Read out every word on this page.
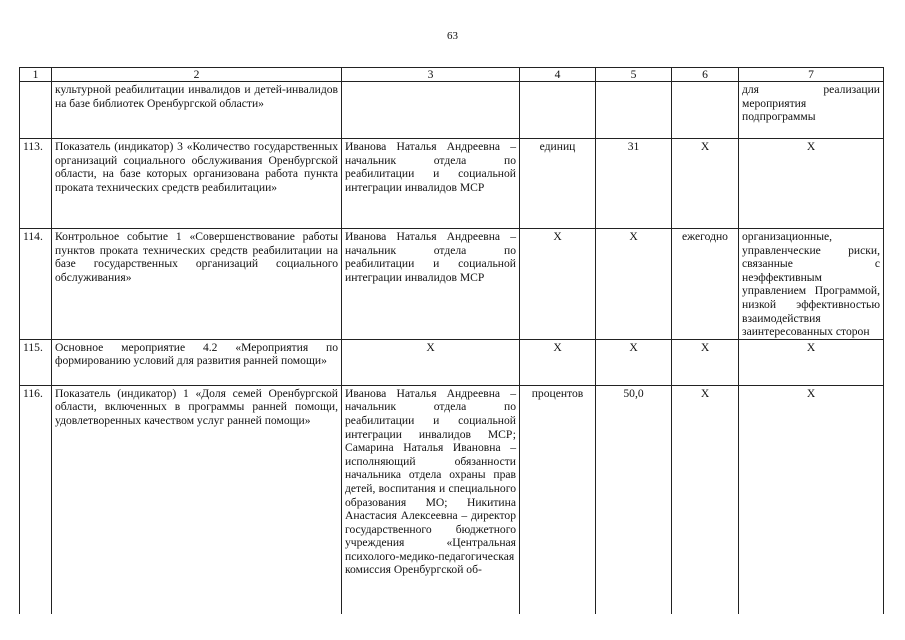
63
1	2	3	4	5	6	7
	культурной реабилитации инвалидов и детей-инвалидов на базе библиотек Оренбургской области»					для реализации мероприятия подпрограммы
113.	Показатель (индикатор) 3 «Количество государственных организаций социального обслуживания Оренбургской области, на базе которых организована работа пункта проката технических средств реабилитации»	Иванова Наталья Андреевна – начальник отдела по реабилитации и социальной интеграции инвалидов МСР	единиц	31	Х	Х
114.	Контрольное событие 1 «Совершенствование работы пунктов проката технических средств реабилитации на базе государственных организаций социального обслуживания»	Иванова Наталья Андреевна – начальник отдела по реабилитации и социальной интеграции инвалидов МСР	Х	Х	ежегодно	организационные, управленческие риски, связанные с неэффективным управлением Программой, низкой эффективностью взаимодействия заинтересованных сторон
115.	Основное мероприятие 4.2 «Мероприятия по формированию условий для развития ранней помощи»	Х	Х	Х	Х	Х
116.	Показатель (индикатор) 1 «Доля семей Оренбургской области, включенных в программы ранней помощи, удовлетворенных качеством услуг ранней помощи»	Иванова Наталья Андреевна – начальник отдела по реабилитации и социальной интеграции инвалидов МСР; Самарина Наталья Ивановна – исполняющий обязанности начальника отдела охраны прав детей, воспитания и специального образования МО; Никитина Анастасия Алексеевна – директор государственного бюджетного учреждения «Центральная психолого-медико-педагогическая комиссия Оренбургской об-	процентов	50,0	Х	Х
